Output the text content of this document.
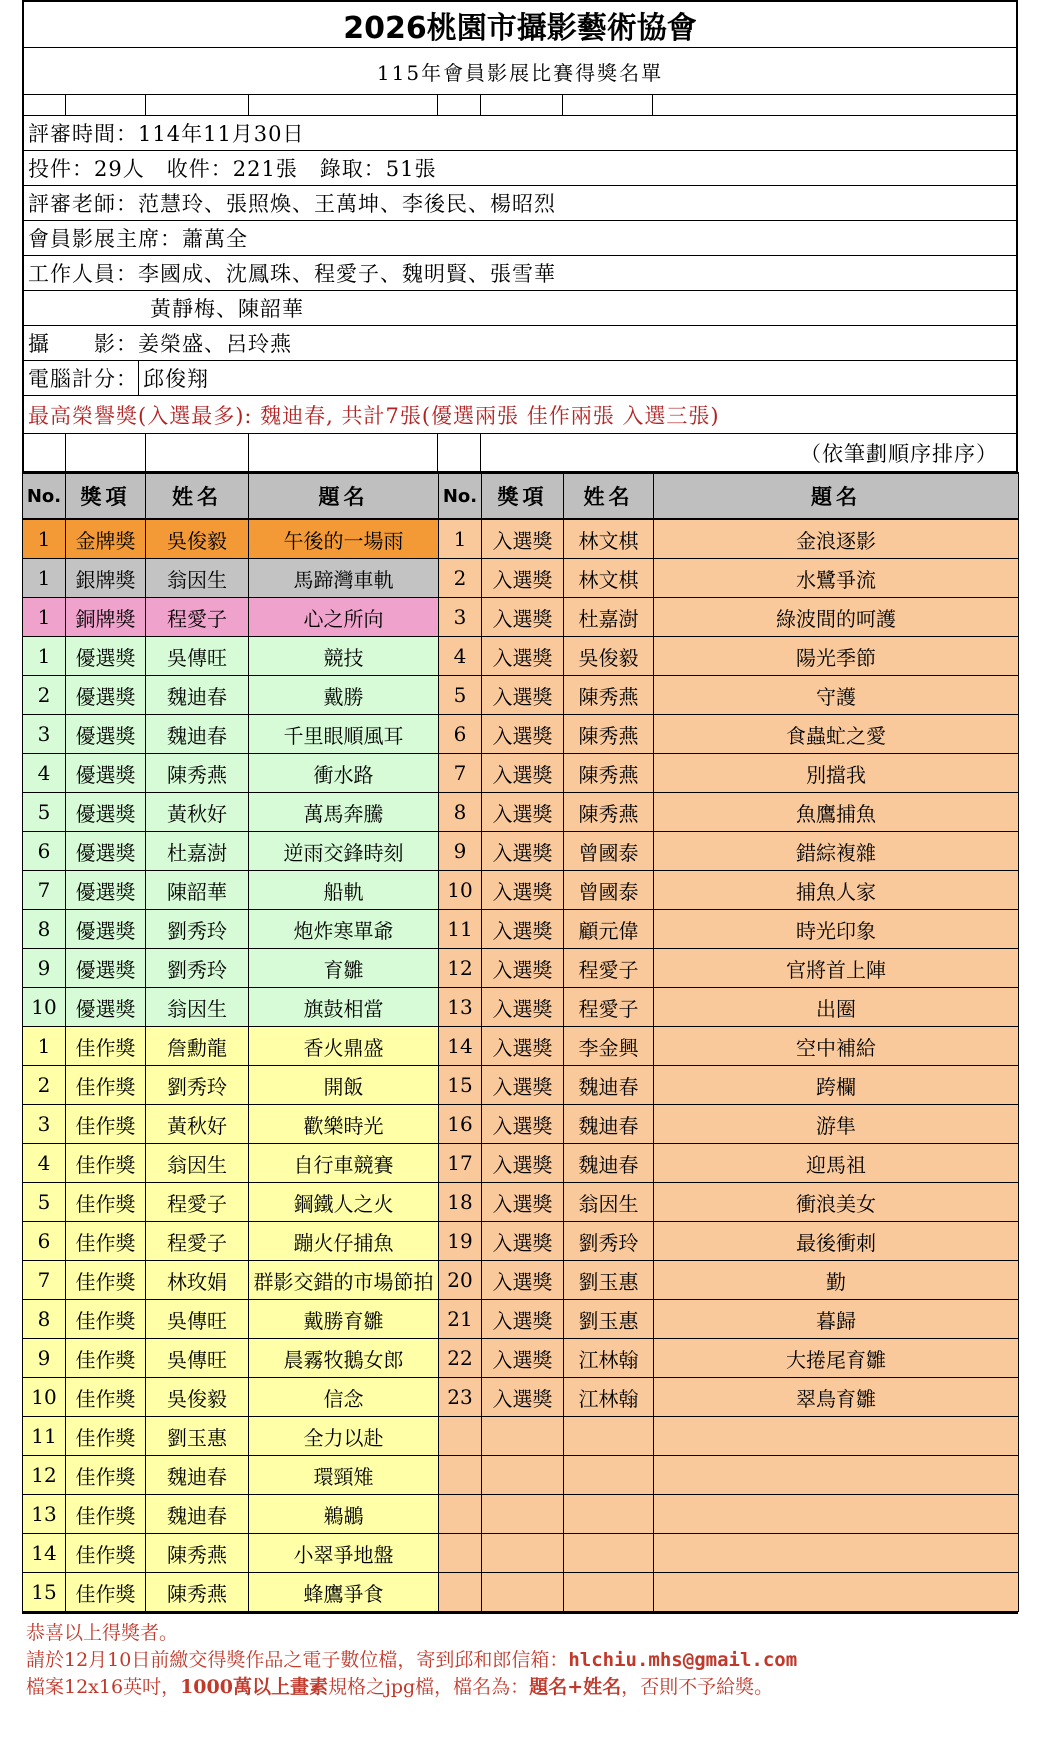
2026桃園市攝影藝術協會
115年會員影展比賽得獎名單
評審時間：114年11月30日
投件：29人　收件：221張　錄取：51張
評審老師：范慧玲、張照煥、王萬坤、李後民、楊昭烈
會員影展主席：蕭萬全
工作人員：李國成、沈鳳珠、程愛子、魏明賢、張雪華
黃靜梅、陳韶華
攝　　影：姜榮盛、呂玲燕
電腦計分： 邱俊翔
最高榮譽獎(入選最多): 魏迪春, 共計7張(優選兩張 佳作兩張 入選三張)
（依筆劃順序排序）
No.	獎項	姓名	題名	No.	獎項	姓名	題名
1	金牌獎	吳俊毅	午後的一場雨	1	入選獎	林文棋	金浪逐影
1	銀牌獎	翁因生	馬蹄灣車軌	2	入選獎	林文棋	水鷺爭流
1	銅牌獎	程愛子	心之所向	3	入選獎	杜嘉澍	綠波間的呵護
1	優選獎	吳傳旺	競技	4	入選獎	吳俊毅	陽光季節
2	優選獎	魏迪春	戴勝	5	入選獎	陳秀燕	守護
3	優選獎	魏迪春	千里眼順風耳	6	入選獎	陳秀燕	食蟲虻之愛
4	優選獎	陳秀燕	衝水路	7	入選獎	陳秀燕	別擋我
5	優選獎	黃秋好	萬馬奔騰	8	入選獎	陳秀燕	魚鷹捕魚
6	優選獎	杜嘉澍	逆雨交鋒時刻	9	入選獎	曾國泰	錯綜複雜
7	優選獎	陳韶華	船軌	10	入選獎	曾國泰	捕魚人家
8	優選獎	劉秀玲	炮炸寒單爺	11	入選獎	顧元偉	時光印象
9	優選獎	劉秀玲	育雛	12	入選獎	程愛子	官將首上陣
10	優選獎	翁因生	旗鼓相當	13	入選獎	程愛子	出圈
1	佳作獎	詹勳龍	香火鼎盛	14	入選獎	李金興	空中補給
2	佳作獎	劉秀玲	開飯	15	入選獎	魏迪春	跨欄
3	佳作獎	黃秋好	歡樂時光	16	入選獎	魏迪春	游隼
4	佳作獎	翁因生	自行車競賽	17	入選獎	魏迪春	迎馬祖
5	佳作獎	程愛子	鋼鐵人之火	18	入選獎	翁因生	衝浪美女
6	佳作獎	程愛子	蹦火仔捕魚	19	入選獎	劉秀玲	最後衝刺
7	佳作獎	林玫娟	群影交錯的市場節拍	20	入選獎	劉玉惠	勤
8	佳作獎	吳傳旺	戴勝育雛	21	入選獎	劉玉惠	暮歸
9	佳作獎	吳傳旺	晨霧牧鵝女郎	22	入選獎	江林翰	大捲尾育雛
10	佳作獎	吳俊毅	信念	23	入選獎	江林翰	翠鳥育雛
11	佳作獎	劉玉惠	全力以赴				
12	佳作獎	魏迪春	環頸雉				
13	佳作獎	魏迪春	鵜鶘				
14	佳作獎	陳秀燕	小翠爭地盤				
15	佳作獎	陳秀燕	蜂鷹爭食				
恭喜以上得獎者。
請於12月10日前繳交得獎作品之電子數位檔，寄到邱和郎信箱：hlchiu.mhs@gmail.com
檔案12x16英吋，1000萬以上畫素規格之jpg檔，檔名為：題名+姓名，否則不予給獎。
